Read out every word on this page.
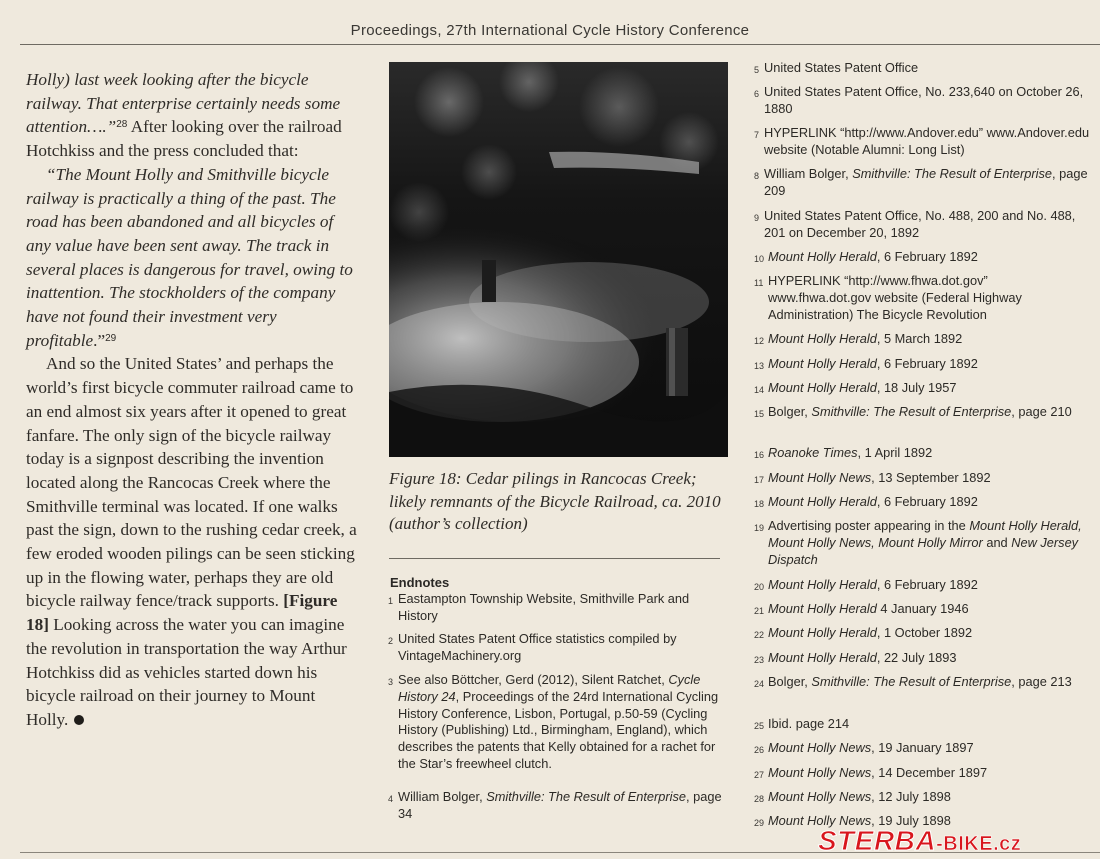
Proceedings, 27th International Cycle History Conference

Holly) last week looking after the bicycle railway. That enterprise certainly needs some attention….”$^{28}$ After looking over the railroad Hotchkiss and the press concluded that:

“The Mount Holly and Smithville bicycle railway is practically a thing of the past. The road has been abandoned and all bicycles of any value have been sent away. The track in several places is dangerous for travel, owing to inattention. The stockholders of the company have not found their investment very profitable.”$^{29}$

And so the United States’ and perhaps the world’s first bicycle commuter railroad came to an end almost six years after it opened to great fanfare. The only sign of the bicycle railway today is a signpost describing the invention located along the Rancocas Creek where the Smithville terminal was located. If one walks past the sign, down to the rushing cedar creek, a few eroded wooden pilings can be seen sticking up in the flowing water, perhaps they are old bicycle railway fence/track supports. [Figure 18] Looking across the water you can imagine the revolution in transportation the way Arthur Hotchkiss did as vehicles started down his bicycle railroad on their journey to Mount Holly.

Figure 18: Cedar pilings in Rancocas Creek; likely remnants of the Bicycle Railroad, ca. 2010 (author’s collection)
Endnotes
1 Eastampton Township Website, Smithville Park and History
2 United States Patent Office statistics compiled by VintageMachinery.org
3 See also Böttcher, Gerd (2012), Silent Ratchet, Cycle History 24, Proceedings of the 24rd International Cycling History Conference, Lisbon, Portugal, p.50-59 (Cycling History (Publishing) Ltd., Birmingham, England), which describes the patents that Kelly obtained for a rachet for the Star’s freewheel clutch.
4 William Bolger, Smithville: The Result of Enterprise, page 34
5 United States Patent Office
6 United States Patent Office, No. 233,640 on October 26, 1880
7 HYPERLINK “http://www.Andover.edu” www.Andover.edu website (Notable Alumni: Long List)
8 William Bolger, Smithville: The Result of Enterprise, page 209
9 United States Patent Office, No. 488, 200 and No. 488, 201 on December 20, 1892
10 Mount Holly Herald, 6 February 1892
11 HYPERLINK “http://www.fhwa.dot.gov” www.fhwa.dot.gov website (Federal Highway Administration) The Bicycle Revolution
12 Mount Holly Herald, 5 March 1892
13 Mount Holly Herald, 6 February 1892
14 Mount Holly Herald, 18 July 1957
15 Bolger, Smithville: The Result of Enterprise, page 210
16 Roanoke Times, 1 April 1892
17 Mount Holly News, 13 September 1892
18 Mount Holly Herald, 6 February 1892
19 Advertising poster appearing in the Mount Holly Herald, Mount Holly News, Mount Holly Mirror and New Jersey Dispatch
20 Mount Holly Herald, 6 February 1892
21 Mount Holly Herald 4 January 1946
22 Mount Holly Herald, 1 October 1892
23 Mount Holly Herald, 22 July 1893
24 Bolger, Smithville: The Result of Enterprise, page 213
25 Ibid. page 214
26 Mount Holly News, 19 January 1897
27 Mount Holly News, 14 December 1897
28 Mount Holly News, 12 July 1898
29 Mount Holly News, 19 July 1898
STERBA-BIKE.cz
